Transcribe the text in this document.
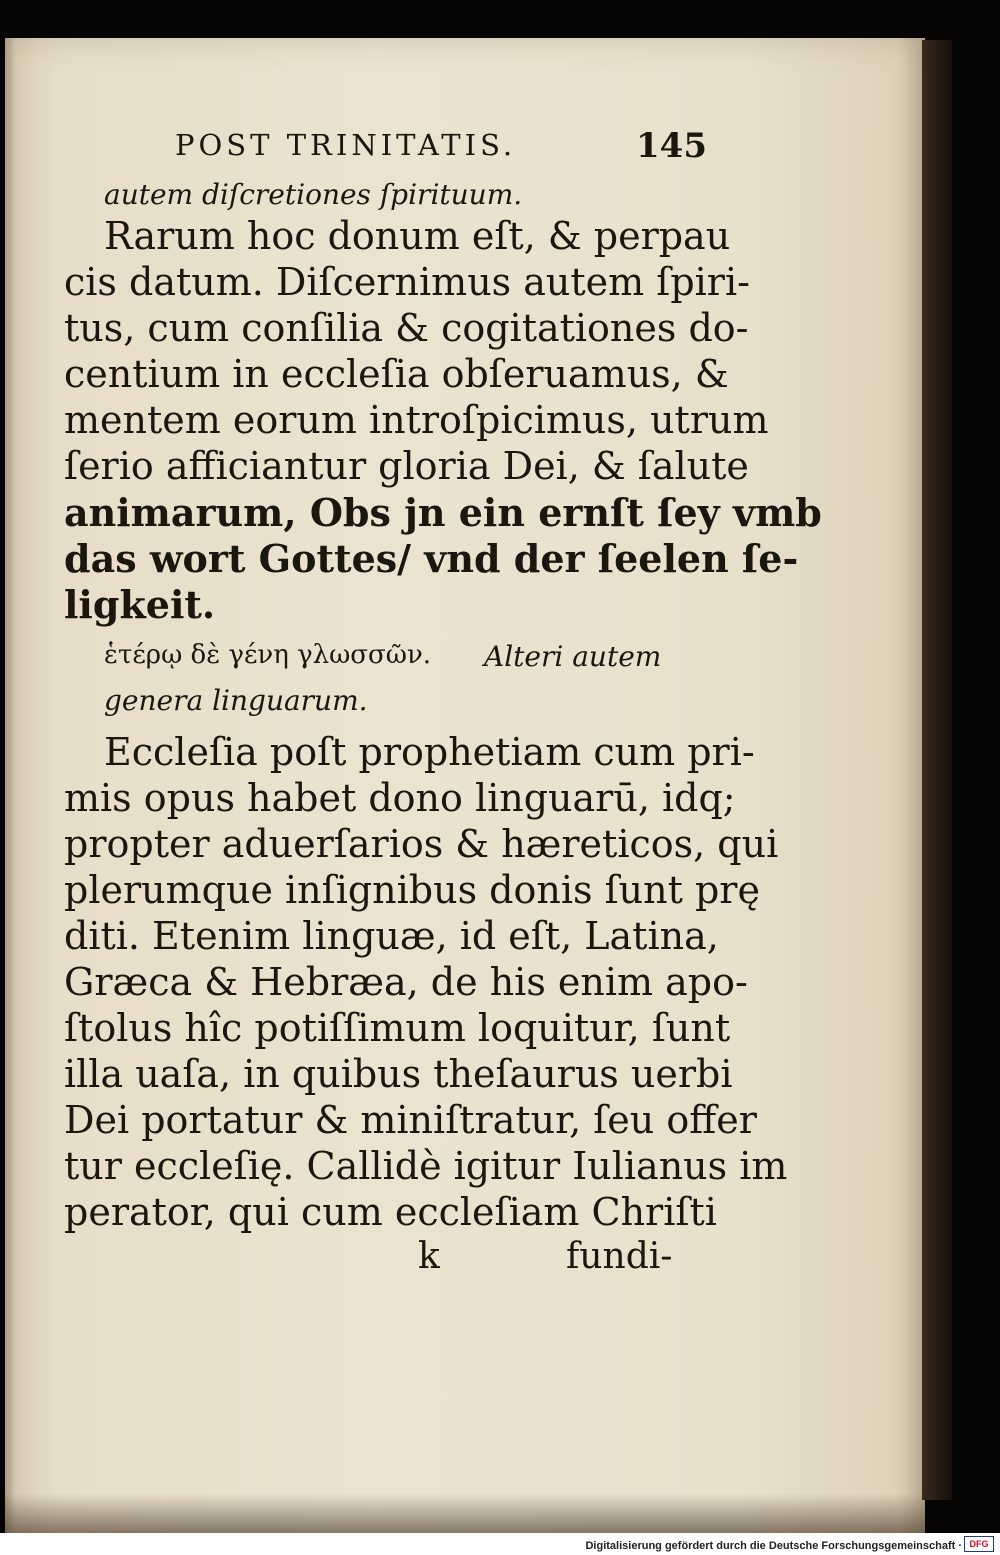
POST TRINITATIS.	145
autem diſcretiones ſpirituum.
Rarum hoc donum eſt, & perpau
cis datum. Diſcernimus autem ſpiri-
tus, cum conſilia & cogitationes do-
centium in eccleſia obſeruamus, &
mentem eorum introſpicimus, utrum
ſerio afficiantur gloria Dei, & ſalute
animarum, Obs jn ein ernſt ſey vmb
das wort Gottes/ vnd der ſeelen ſe-
ligkeit.
ἑτέρῳ δὲ γένη γλωσσῶν. Alteri autem
genera linguarum.
Eccleſia poſt prophetiam cum pri-
mis opus habet dono linguarū, idq;
propter aduerſarios & hæreticos, qui
plerumque inſignibus donis ſunt prę
diti. Etenim linguæ, id eſt, Latina,
Græca & Hebræa, de his enim apo-
ſtolus hîc potiſſimum loquitur, ſunt
illa uaſa, in quibus theſaurus uerbi
Dei portatur & miniſtratur, ſeu offer
tur eccleſię. Callidè igitur Iulianus im
perator, qui cum eccleſiam Chriſti
k	fundi-
Digitalisierung gefördert durch die Deutsche Forschungsgemeinschaft · DFG
